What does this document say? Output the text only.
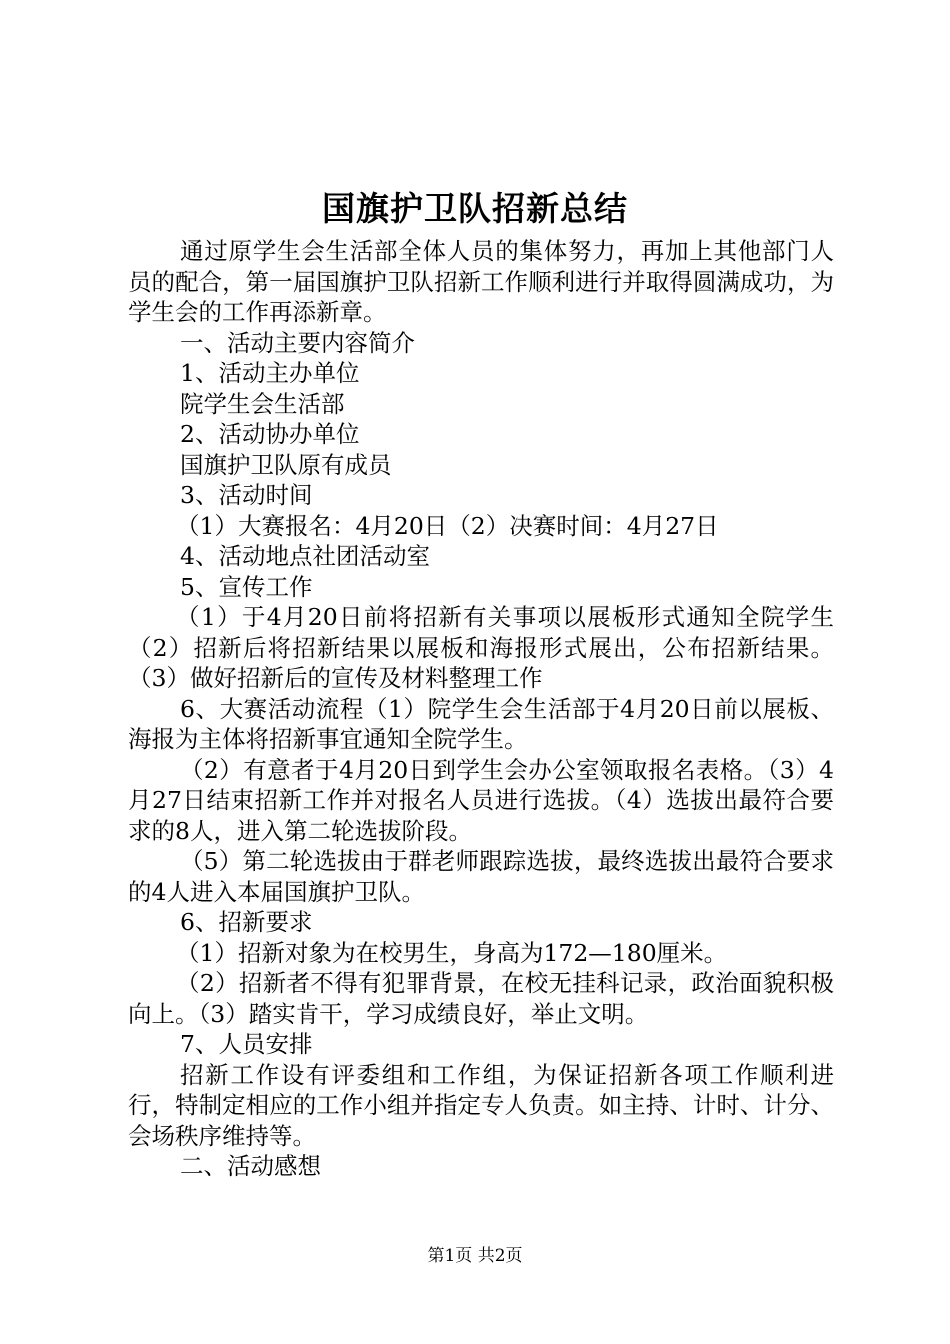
国旗护卫队招新总结

通过原学生会生活部全体人员的集体努力，再加上其他部门人员的配合，第一届国旗护卫队招新工作顺利进行并取得圆满成功，为学生会的工作再添新章。

一、活动主要内容简介

1、活动主办单位

院学生会生活部

2、活动协办单位

国旗护卫队原有成员

3、活动时间

（1）大赛报名：4月20日（2）决赛时间：4月27日

4、活动地点社团活动室

5、宣传工作

（1）于4月20日前将招新有关事项以展板形式通知全院学生（2）招新后将招新结果以展板和海报形式展出，公布招新结果。（3）做好招新后的宣传及材料整理工作

6、大赛活动流程（1）院学生会生活部于4月20日前以展板、海报为主体将招新事宜通知全院学生。

（2）有意者于4月20日到学生会办公室领取报名表格。（3）4月27日结束招新工作并对报名人员进行选拔。（4）选拔出最符合要求的8人，进入第二轮选拔阶段。

（5）第二轮选拔由于群老师跟踪选拔，最终选拔出最符合要求的4人进入本届国旗护卫队。

6、招新要求

（1）招新对象为在校男生，身高为172—180厘米。

（2）招新者不得有犯罪背景，在校无挂科记录，政治面貌积极向上。（3）踏实肯干，学习成绩良好，举止文明。

7、人员安排

招新工作设有评委组和工作组，为保证招新各项工作顺利进行，特制定相应的工作小组并指定专人负责。如主持、计时、计分、会场秩序维持等。

二、活动感想

第1页 共2页
